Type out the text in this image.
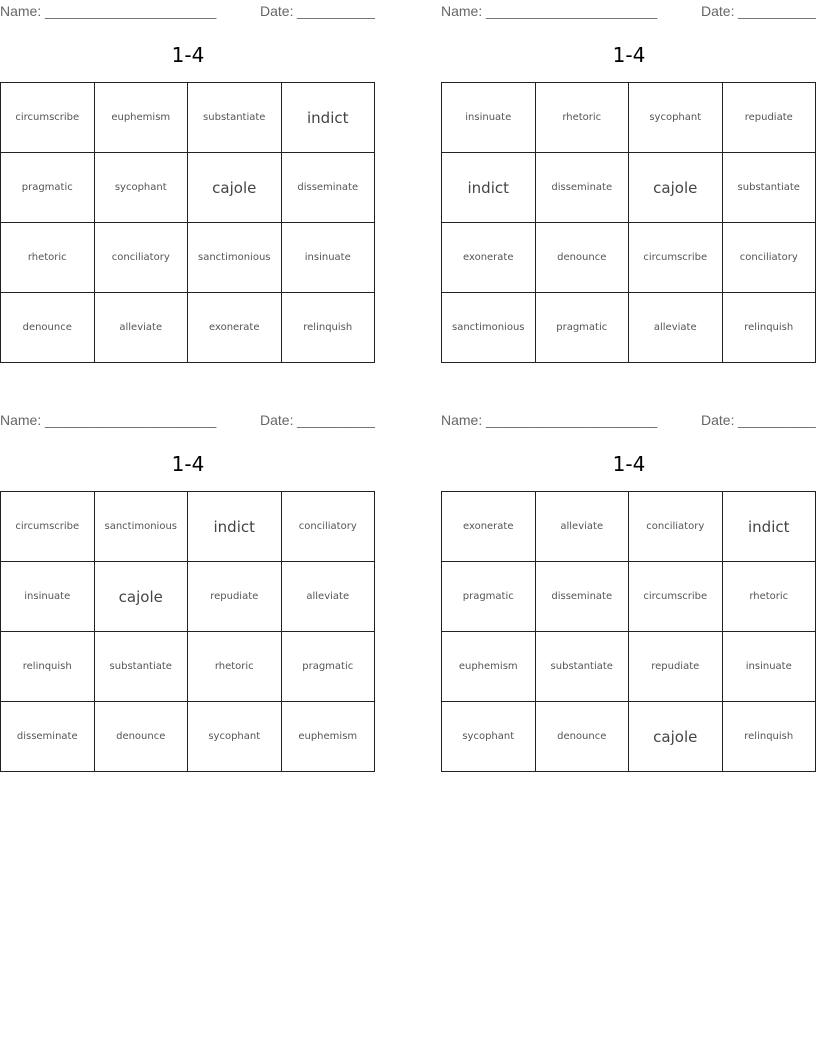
Name: ______________________	Date: __________
1-4
circumscribe	euphemism	substantiate	indict
pragmatic	sycophant	cajole	disseminate
rhetoric	conciliatory	sanctimonious	insinuate
denounce	alleviate	exonerate	relinquish
Name: ______________________	Date: __________
1-4
insinuate	rhetoric	sycophant	repudiate
indict	disseminate	cajole	substantiate
exonerate	denounce	circumscribe	conciliatory
sanctimonious	pragmatic	alleviate	relinquish
Name: ______________________	Date: __________
1-4
circumscribe	sanctimonious	indict	conciliatory
insinuate	cajole	repudiate	alleviate
relinquish	substantiate	rhetoric	pragmatic
disseminate	denounce	sycophant	euphemism
Name: ______________________	Date: __________
1-4
exonerate	alleviate	conciliatory	indict
pragmatic	disseminate	circumscribe	rhetoric
euphemism	substantiate	repudiate	insinuate
sycophant	denounce	cajole	relinquish
